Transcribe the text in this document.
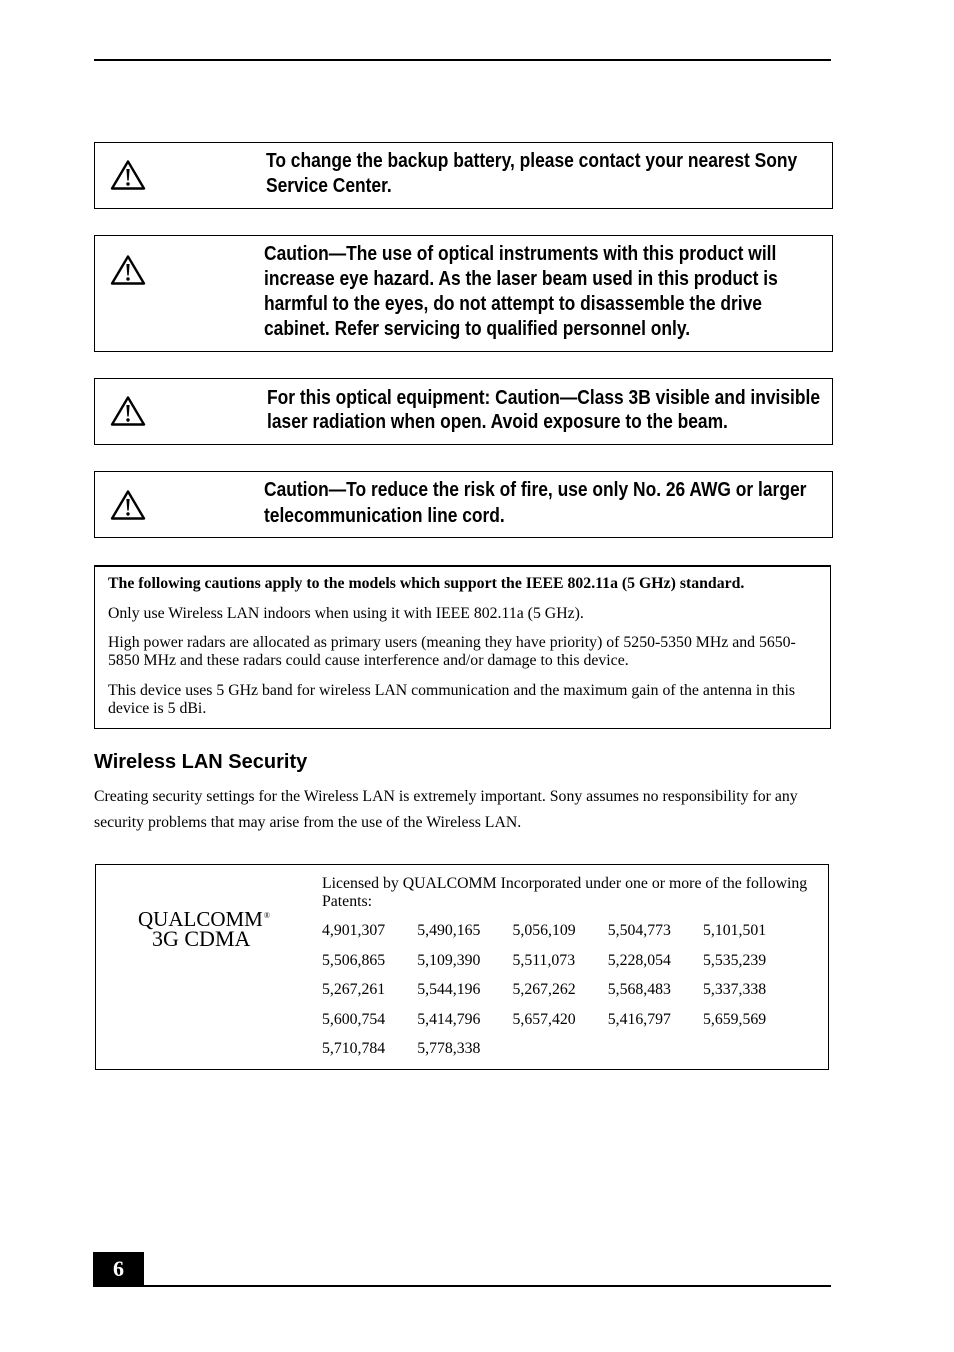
To change the backup battery, please contact your nearest Sony
Service Center.
Caution—The use of optical instruments with this product will
increase eye hazard. As the laser beam used in this product is
harmful to the eyes, do not attempt to disassemble the drive
cabinet. Refer servicing to qualified personnel only.
For this optical equipment: Caution—Class 3B visible and invisible
laser radiation when open. Avoid exposure to the beam.
Caution—To reduce the risk of fire, use only No. 26 AWG or larger
telecommunication line cord.
The following cautions apply to the models which support the IEEE 802.11a (5 GHz) standard.
Only use Wireless LAN indoors when using it with IEEE 802.11a (5 GHz).
High power radars are allocated as primary users (meaning they have priority) of 5250-5350 MHz and 5650-
5850 MHz and these radars could cause interference and/or damage to this device.
This device uses 5 GHz band for wireless LAN communication and the maximum gain of the antenna in this
device is 5 dBi.
Wireless LAN Security
Creating security settings for the Wireless LAN is extremely important. Sony assumes no responsibility for any
security problems that may arise from the use of the Wireless LAN.
QUALCOMM®
3G CDMA
Licensed by QUALCOMM Incorporated under one or more of the following
Patents:
4,901,307	5,490,165	5,056,109	5,504,773	5,101,501
5,506,865	5,109,390	5,511,073	5,228,054	5,535,239
5,267,261	5,544,196	5,267,262	5,568,483	5,337,338
5,600,754	5,414,796	5,657,420	5,416,797	5,659,569
5,710,784	5,778,338
6
